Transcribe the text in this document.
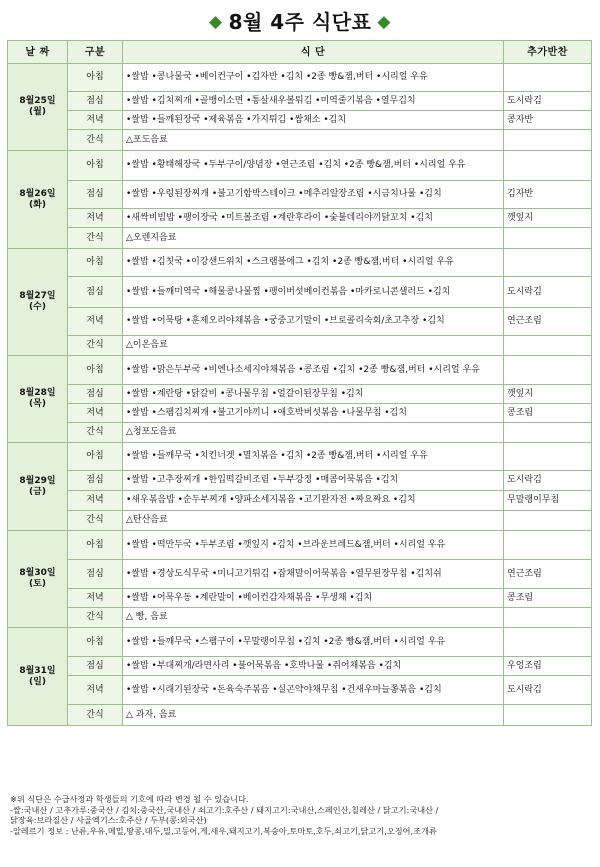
◆ 8월 4주 식단표 ◆
날 짜	구분	식 단	추가반찬

8월25일
(월)	아침	•쌀밥 •콩나물국 •베이컨구이 •김자반 •김치 •2종 빵&잼,버터 •시리얼 우유	
	점심	•쌀밥 •김치찌개 •골뱅이소면 •통살새우볼튀김 •미역줄기볶음 •열무김치	도시락김
	저녁	•쌀밥 •들깨된장국 •제육볶음 •가지튀김 •쌈채소 •김치	콩자반
	간식	△포도음료	

8월26일
(화)	아침	•쌀밥 •황태해장국 •두부구이/양념장 •연근조림 •김치 •2종 빵&잼,버터 •시리얼 우유	
	점심	•쌀밥 •우렁된장찌개 •불고기함박스테이크 •메추리알장조림 •시금치나물 •김치	김자반
	저녁	•새싹비빔밥 •팽이장국 •미트볼조림 •계란후라이 •숯불데리야끼닭꼬치 •김치	깻잎지
	간식	△오렌지음료	

8월27일
(수)	아침	•쌀밥 •김칫국 •이강샌드위치 •스크램블에그 •김치 •2종 빵&잼,버터 •시리얼 우유	
	점심	•쌀밥 •들깨미역국 •해물콩나물찜 •팽이버섯베이컨볶음 •마카로니콘샐러드 •김치	도시락김
	저녁	•쌀밥 •어묵탕 •훈제오리야채볶음 •궁중고기말이 •브로콜리숙회/초고추장 •김치	연근조림
	간식	△이온음료	

8월28일
(목)	아침	•쌀밥 •맑은두부국 •비엔나소세지야채볶음 •콩조림 •김치 •2종 빵&잼,버터 •시리얼 우유	
	점심	•쌀밥 •계란탕 •닭갈비 •콩나물무침 •얼갈이된장무침 •김치	깻잎지
	저녁	•쌀밥 •스팸김치찌개 •불고기야끼니 •애호박버섯볶음 •나물무침 •김치	콩조림
	간식	△청포도음료	

8월29일
(금)	아침	•쌀밥 •들깨무국 •치킨너겟 •멸치볶음 •김치 •2종 빵&잼,버터 •시리얼 우유	
	점심	•쌀밥 •고추장찌개 •한입떡갈비조림 •두부강정 •매콤어묵볶음 •김치	도시락김
	저녁	•새우볶음밥 •순두부찌개 •양파소세지볶음 •고기완자전 •짜요짜요 •김치	무말랭이무침
	간식	△탄산음료	

8월30일
(토)	아침	•쌀밥 •떡만두국 •두부조림 •깻잎지 •김치 •브라운브레드&잼,버터 •시리얼 우유	
	점심	•쌀밥 •경상도식무국 •미니고기튀김 •잡채말이어묵볶음 •열무된장무침 •김치쉬	연근조림
	저녁	•쌀밥 •어묵우동 •계란말이 •베이컨감자채볶음 •무생채 •김치	콩조림
	간식	△ 빵, 음료	

8월31일
(일)	아침	•쌀밥 •들깨무국 •스팸구이 •무말랭이무침 •김치 •2종 빵&잼,버터 •시리얼 우유	
	점심	•쌀밥 •부대찌개/라면사리 •불어묵볶음 •호박나물 •쥐어채볶음 •김치	우엉조림
	저녁	•쌀밥 •시래기된장국 •돈육숙주볶음 •실곤약야채무침 •건새우마늘쫑볶음 •김치	도시락김
	간식	△ 과자, 음료	
※위 식단은 수급사정과 학생들의 기호에 따라 변경 될 수 있습니다.
-쌀:국내산 / 고추가루:중국산 / 김치:중국산,국내산 / 쇠고기:호주산 / 돼지고기:국내산,스페인산,칠레산 / 닭고기:국내산 /
닭장육:브라질산 / 사골엑기스:호주산 / 두부(콩:외국산)
-알레르기 정보 : 난류,우유,메밀,땅콩,대두,밀,고등어,게,새우,돼지고기,복숭아,토마토,호두,쇠고기,닭고기,오징어,조개류
